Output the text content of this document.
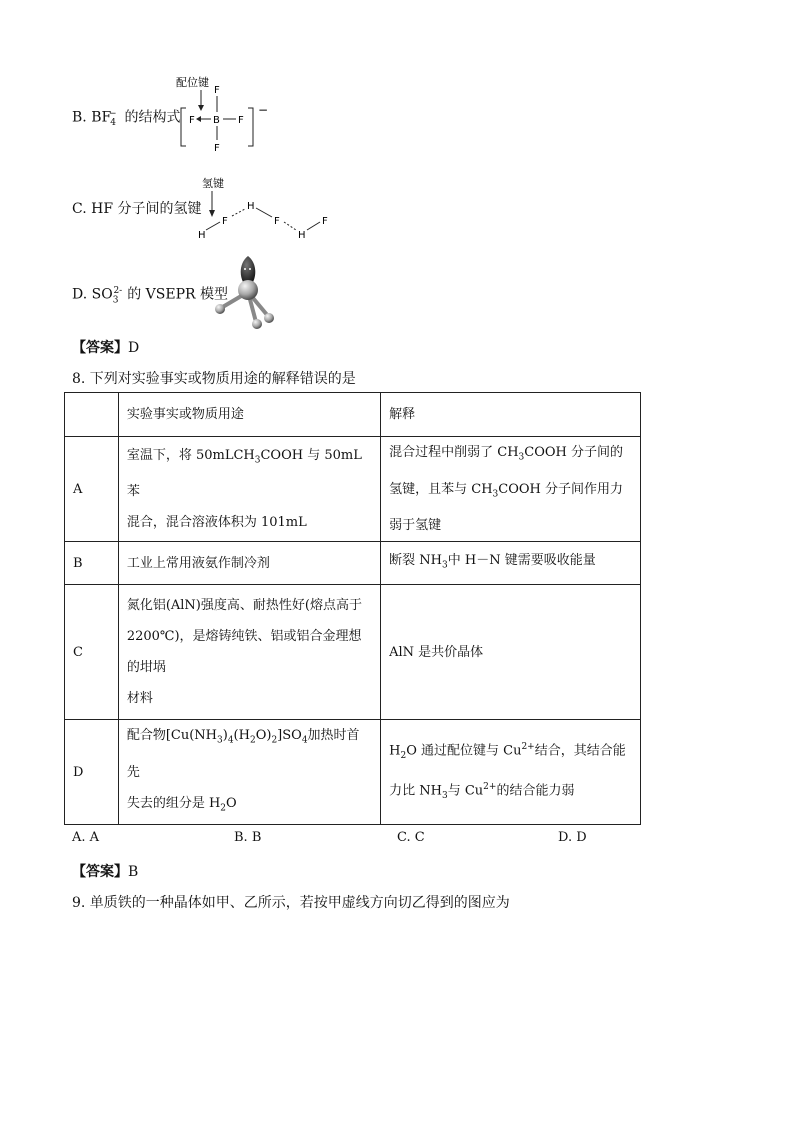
B. $BF_4^-$ 的结构式
配位键
−
F
F B F
F
C. HF 分子间的氢键
氢键
H
F
H
F
H
F
D. $SO_3^{2-}$ 的 VSEPR 模型
【答案】D
8. 下列对实验事实或物质用途的解释错误的是
	实验事实或物质用途	解释
A	室温下，将 50mLCH$_3$COOH 与 50mL 苯
混合，混合溶液体积为 101mL	混合过程中削弱了 $CH_3COOH$ 分子间的
氢键，且苯与 $CH_3COOH$ 分子间作用力
弱于氢键
B	工业上常用液氨作制冷剂	断裂 $NH_3$中 H－N 键需要吸收能量
C	氮化铝(AlN)强度高、耐热性好(熔点高于
2200℃)，是熔铸纯铁、铝或铝合金理想
的坩埚
材料	AlN 是共价晶体
D	配合物$[Cu(NH_3)_4(H_2O)_2]SO_4$加热时首先
失去的组分是 $H_2O$	$H_2O$ 通过配位键与 $Cu^{2+}$结合，其结合能
力比 $NH_3$与 $Cu^{2+}$的结合能力弱
A. A	B. B	C. C	D. D
【答案】B
9. 单质铁的一种晶体如甲、乙所示，若按甲虚线方向切乙得到的图应为
